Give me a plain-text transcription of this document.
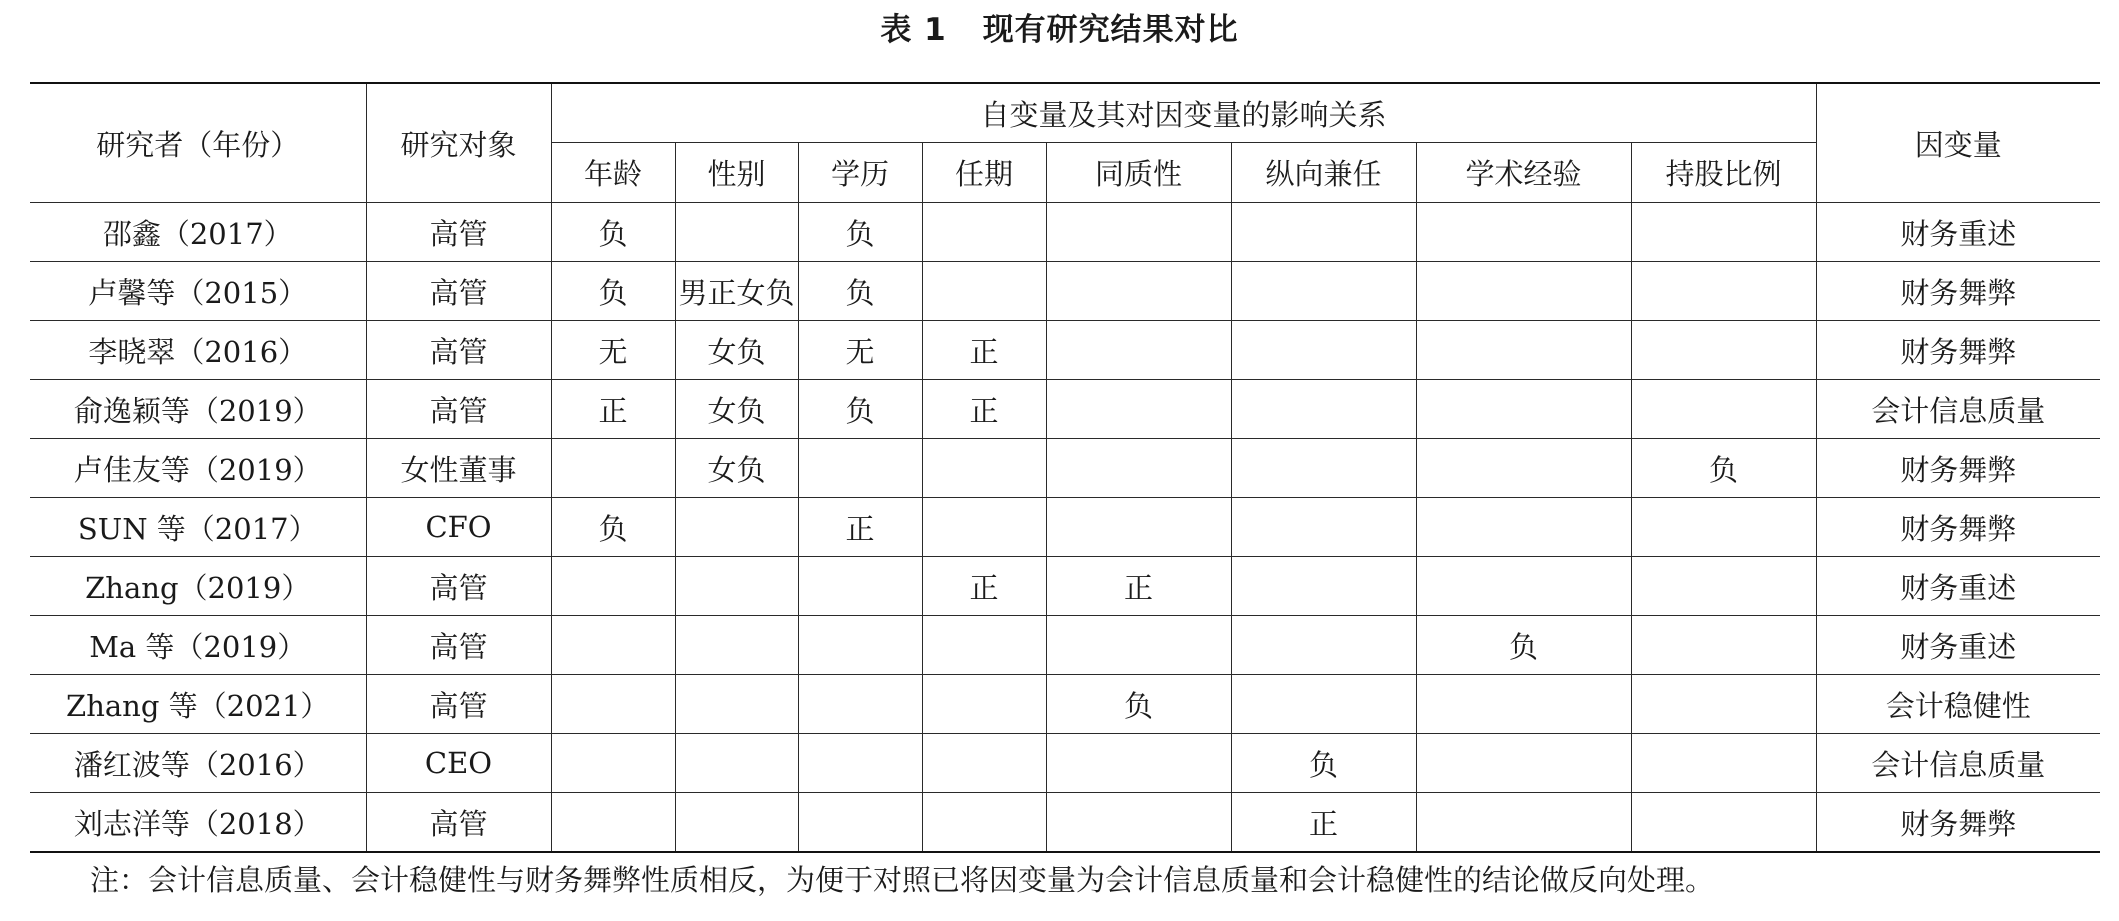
表 1 现有研究结果对比
研究者（年份）	研究对象	自变量及其对因变量的影响关系								因变量
		年龄	性别	学历	任期	同质性	纵向兼任	学术经验	持股比例	
邵鑫（2017）	高管	负		负						财务重述
卢馨等（2015）	高管	负	男正女负	负						财务舞弊
李晓翠（2016）	高管	无	女负	无	正					财务舞弊
俞逸颖等（2019）	高管	正	女负	负	正					会计信息质量
卢佳友等（2019）	女性董事		女负						负	财务舞弊
SUN 等（2017）	CFO	负		正						财务舞弊
Zhang（2019）	高管				正	正				财务重述
Ma 等（2019）	高管							负		财务重述
Zhang 等（2021）	高管					负				会计稳健性
潘红波等（2016）	CEO						负			会计信息质量
刘志洋等（2018）	高管						正			财务舞弊
注：会计信息质量、会计稳健性与财务舞弊性质相反，为便于对照已将因变量为会计信息质量和会计稳健性的结论做反向处理。
